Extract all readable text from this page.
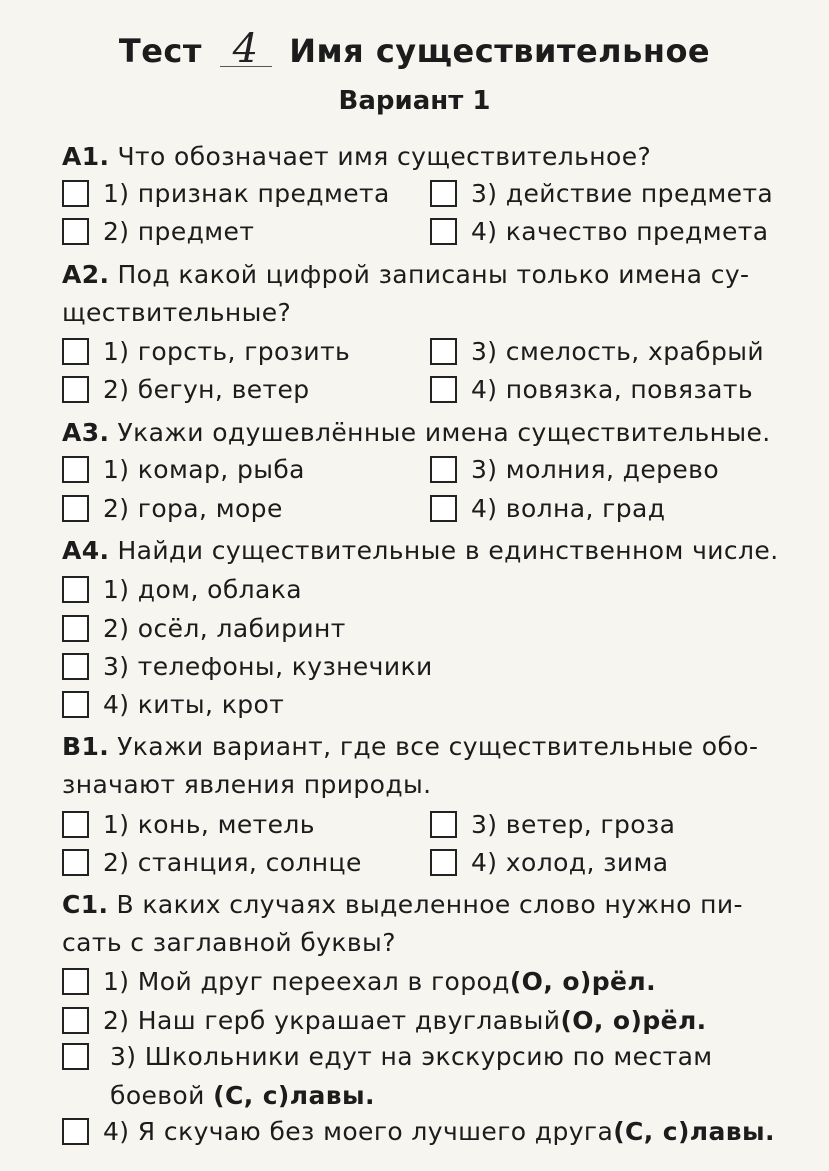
Тест 4 Имя существительное
Вариант 1
А1. Что обозначает имя существительное?
1) признак предмета
2) предмет
3) действие предмета
4) качество предмета
А2. Под какой цифрой записаны только имена су-
ществительные?
1) горсть, грозить
2) бегун, ветер
3) смелость, храбрый
4) повязка, повязать
А3. Укажи одушевлённые имена существительные.
1) комар, рыба
2) гора, море
3) молния, дерево
4) волна, град
А4. Найди существительные в единственном числе.
1) дом, облака
2) осёл, лабиринт
3) телефоны, кузнечики
4) киты, крот
В1. Укажи вариант, где все существительные обо-
значают явления природы.
1) конь, метель
2) станция, солнце
3) ветер, гроза
4) холод, зима
С1. В каких случаях выделенное слово нужно пи-
сать с заглавной буквы?
1) Мой друг переехал в город (О, о)рёл.
2) Наш герб украшает двуглавый (О, о)рёл.
3) Школьники едут на экскурсию по местам
боевой (С, с)лавы.
4) Я скучаю без моего лучшего друга (С, с)лавы.
